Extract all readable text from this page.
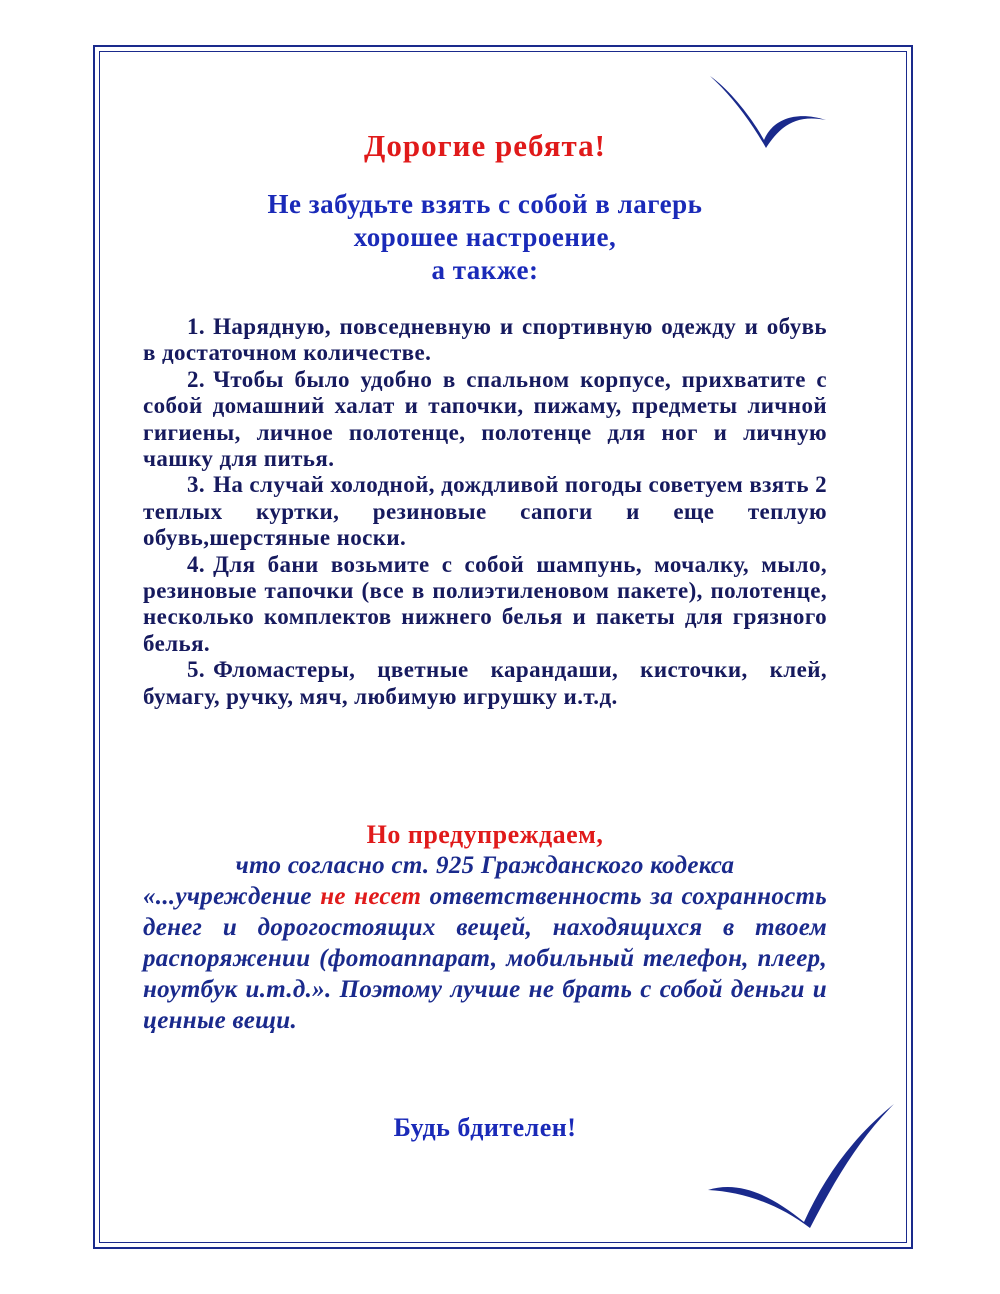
Дорогие ребята!
Не забудьте взять с собой в лагерь
хорошее настроение,
а также:

1. Нарядную, повседневную и спортивную одежду и обувь в достаточном количестве.

2. Чтобы было удобно в спальном корпусе, прихватите с собой домашний халат и тапочки, пижаму, предметы личной гигиены, личное полотенце, полотенце для ног и личную чашку для питья.

3. На случай холодной, дождливой погоды советуем взять 2 теплых куртки, резиновые сапоги и еще теплую обувь,шерстяные носки.

4. Для бани возьмите с собой шампунь, мочалку, мыло, резиновые тапочки (все в полиэтиленовом пакете), полотенце, несколько комплектов нижнего белья и пакеты для грязного белья.

5. Фломастеры, цветные карандаши, кисточки, клей, бумагу, ручку, мяч, любимую игрушку и.т.д.

Но предупреждаем,
что согласно ст. 925 Гражданского кодекса
«...учреждение не несет ответственность за сохранность денег и дорогостоящих вещей, находящихся в твоем распоряжении (фотоаппарат, мобильный телефон, плеер, ноутбук и.т.д.». Поэтому лучше не брать с собой деньги и ценные вещи.
Будь бдителен!
